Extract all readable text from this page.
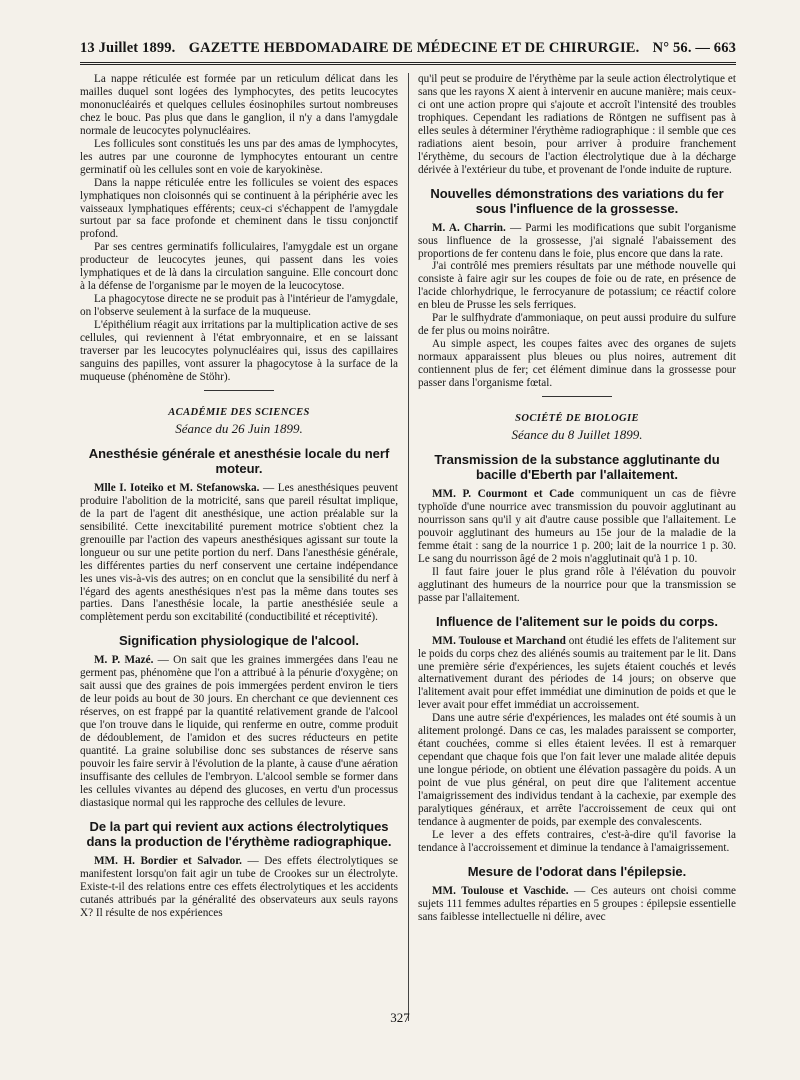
13 Juillet 1899. GAZETTE HEBDOMADAIRE DE MÉDECINE ET DE CHIRURGIE. N° 56. — 663

La nappe réticulée est formée par un reticulum délicat dans les mailles duquel sont logées des lymphocytes, des petits leucocytes mononucléairés et quelques cellules éosinophiles surtout nombreuses chez le bouc. Pas plus que dans le ganglion, il n'y a dans l'amygdale normale de leucocytes polynucléaires.

Les follicules sont constitués les uns par des amas de lymphocytes, les autres par une couronne de lymphocytes entourant un centre germinatif où les cellules sont en voie de karyokinèse.

Dans la nappe réticulée entre les follicules se voient des espaces lymphatiques non cloisonnés qui se continuent à la périphérie avec les vaisseaux lymphatiques efférents; ceux-ci s'échappent de l'amygdale surtout par sa face profonde et cheminent dans le tissu conjonctif profond.

Par ses centres germinatifs folliculaires, l'amygdale est un organe producteur de leucocytes jeunes, qui passent dans les voies lymphatiques et de là dans la circulation sanguine. Elle concourt donc à la défense de l'organisme par le moyen de la leucocytose.

La phagocytose directe ne se produit pas à l'intérieur de l'amygdale, on l'observe seulement à la surface de la muqueuse.

L'épithélium réagit aux irritations par la multiplication active de ses cellules, qui reviennent à l'état embryonnaire, et en se laissant traverser par les leucocytes polynucléaires qui, issus des capillaires sanguins des papilles, vont assurer la phagocytose à la surface de la muqueuse (phénomène de Stöhr).

ACADÉMIE DES SCIENCES
Séance du 26 Juin 1899.
Anesthésie générale et anesthésie locale du nerf moteur.

Mlle I. Ioteiko et M. Stefanowska. — Les anesthésiques peuvent produire l'abolition de la motricité, sans que pareil résultat implique, de la part de l'agent dit anesthésique, une action préalable sur la sensibilité. Cette inexcitabilité purement motrice s'obtient chez la grenouille par l'action des vapeurs anesthésiques agissant sur toute la longueur ou sur une petite portion du nerf. Dans l'anesthésie générale, les différentes parties du nerf conservent une certaine indépendance les unes vis-à-vis des autres; on en conclut que la sensibilité du nerf à l'égard des agents anesthésiques n'est pas la même dans toutes ses parties. Dans l'anesthésie locale, la partie anesthésiée seule a complètement perdu son excitabilité (conductibilité et réceptivité).

Signification physiologique de l'alcool.

M. P. Mazé. — On sait que les graines immergées dans l'eau ne germent pas, phénomène que l'on a attribué à la pénurie d'oxygène; on sait aussi que des graines de pois immergées perdent environ le tiers de leur poids au bout de 30 jours. En cherchant ce que deviennent ces réserves, on est frappé par la quantité relativement grande de l'alcool que l'on trouve dans le liquide, qui renferme en outre, comme produit de dédoublement, de l'amidon et des sucres réducteurs en petite quantité. La graine solubilise donc ses substances de réserve sans pouvoir les faire servir à l'évolution de la plante, à cause d'une aération insuffisante des cellules de l'embryon. L'alcool semble se former dans les cellules vivantes au dépend des glucoses, en vertu d'un processus diastasique normal qui les rapproche des cellules de levure.

De la part qui revient aux actions électrolytiques dans la production de l'érythème radiographique.

MM. H. Bordier et Salvador. — Des effets électrolytiques se manifestent lorsqu'on fait agir un tube de Crookes sur un électrolyte. Existe-t-il des relations entre ces effets électrolytiques et les accidents cutanés attribués par la généralité des observateurs aux seuls rayons X? Il résulte de nos expériences

qu'il peut se produire de l'érythème par la seule action électrolytique et sans que les rayons X aient à intervenir en aucune manière; mais ceux-ci ont une action propre qui s'ajoute et accroît l'intensité des troubles trophiques. Cependant les radiations de Röntgen ne suffisent pas à elles seules à déterminer l'érythème radiographique : il semble que ces radiations aient besoin, pour arriver à produire franchement l'érythème, du secours de l'action électrolytique due à la décharge dérivée à l'extérieur du tube, et provenant de l'onde induite de rupture.

Nouvelles démonstrations des variations du fer sous l'influence de la grossesse.

M. A. Charrin. — Parmi les modifications que subit l'organisme sous linfluence de la grossesse, j'ai signalé l'abaissement des proportions de fer contenu dans le foie, plus encore que dans la rate.

J'ai contrôlé mes premiers résultats par une méthode nouvelle qui consiste à faire agir sur les coupes de foie ou de rate, en présence de l'acide chlorhydrique, le ferrocyanure de potassium; ce réactif colore en bleu de Prusse les sels ferriques.

Par le sulfhydrate d'ammoniaque, on peut aussi produire du sulfure de fer plus ou moins noirâtre.

Au simple aspect, les coupes faites avec des organes de sujets normaux apparaissent plus bleues ou plus noires, autrement dit contiennent plus de fer; cet élément diminue dans la grossesse pour passer dans l'organisme fœtal.

SOCIÉTÉ DE BIOLOGIE
Séance du 8 Juillet 1899.
Transmission de la substance agglutinante du bacille d'Eberth par l'allaitement.

MM. P. Courmont et Cade communiquent un cas de fièvre typhoïde d'une nourrice avec transmission du pouvoir agglutinant au nourrisson sans qu'il y ait d'autre cause possible que l'allaitement. Le pouvoir agglutinant des humeurs au 15e jour de la maladie de la femme était : sang de la nourrice 1 p. 200; lait de la nourrice 1 p. 30. Le sang du nourrisson âgé de 2 mois n'agglutinait qu'à 1 p. 10.

Il faut faire jouer le plus grand rôle à l'élévation du pouvoir agglutinant des humeurs de la nourrice pour que la transmission se passe par l'allaitement.

Influence de l'alitement sur le poids du corps.

MM. Toulouse et Marchand ont étudié les effets de l'alitement sur le poids du corps chez des aliénés soumis au traitement par le lit. Dans une première série d'expériences, les sujets étaient couchés et levés alternativement durant des périodes de 14 jours; on observe que l'alitement avait pour effet immédiat une diminution de poids et que le lever avait pour effet immédiat un accroissement.

Dans une autre série d'expériences, les malades ont été soumis à un alitement prolongé. Dans ce cas, les malades paraissent se comporter, étant couchées, comme si elles étaient levées. Il est à remarquer cependant que chaque fois que l'on fait lever une malade alitée depuis une longue période, on obtient une élévation passagère du poids. A un point de vue plus général, on peut dire que l'alitement accentue l'amaigrissement des individus tendant à la cachexie, par exemple des paralytiques généraux, et arrête l'accroissement de ceux qui ont tendance à augmenter de poids, par exemple des convalescents.

Le lever a des effets contraires, c'est-à-dire qu'il favorise la tendance à l'accroissement et diminue la tendance à l'amaigrissement.

Mesure de l'odorat dans l'épilepsie.

MM. Toulouse et Vaschide. — Ces auteurs ont choisi comme sujets 111 femmes adultes réparties en 5 groupes : épilepsie essentielle sans faiblesse intellectuelle ni délire, avec

327
